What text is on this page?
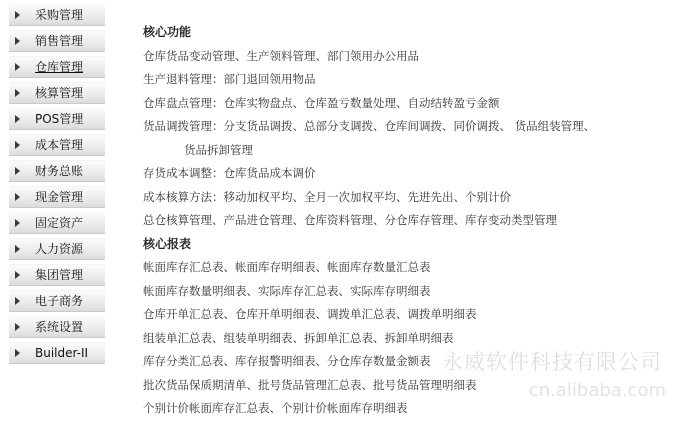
采购管理
销售管理
仓库管理
核算管理
POS管理
成本管理
财务总账
现金管理
固定资产
人力资源
集团管理
电子商务
系统设置
Builder-II
核心功能
仓库货品变动管理、生产领料管理、部门领用办公用品
生产退料管理：部门退回领用物品
仓库盘点管理：仓库实物盘点、仓库盈亏数量处理、自动结转盈亏金额
货品调拨管理：分支货品调拨、总部分支调拨、仓库间调拨、同价调拨、 货品组装管理、
货品拆卸管理
存货成本调整：仓库货品成本调价
成本核算方法：移动加权平均、全月一次加权平均、先进先出、个别计价
总仓核算管理、产品进仓管理、仓库资料管理、分仓库存管理、库存变动类型管理
核心报表
帐面库存汇总表、帐面库存明细表、帐面库存数量汇总表
帐面库存数量明细表、实际库存汇总表、实际库存明细表
仓库开单汇总表、仓库开单明细表、调拨单汇总表、调拨单明细表
组装单汇总表、组装单明细表、拆卸单汇总表、拆卸单明细表
库存分类汇总表、库存报警明细表、分仓库存数量金额表
批次货品保质期清单、批号货品管理汇总表、批号货品管理明细表
个别计价帐面库存汇总表、个别计价帐面库存明细表
永威软件科技有限公司
cn.alibaba.com
